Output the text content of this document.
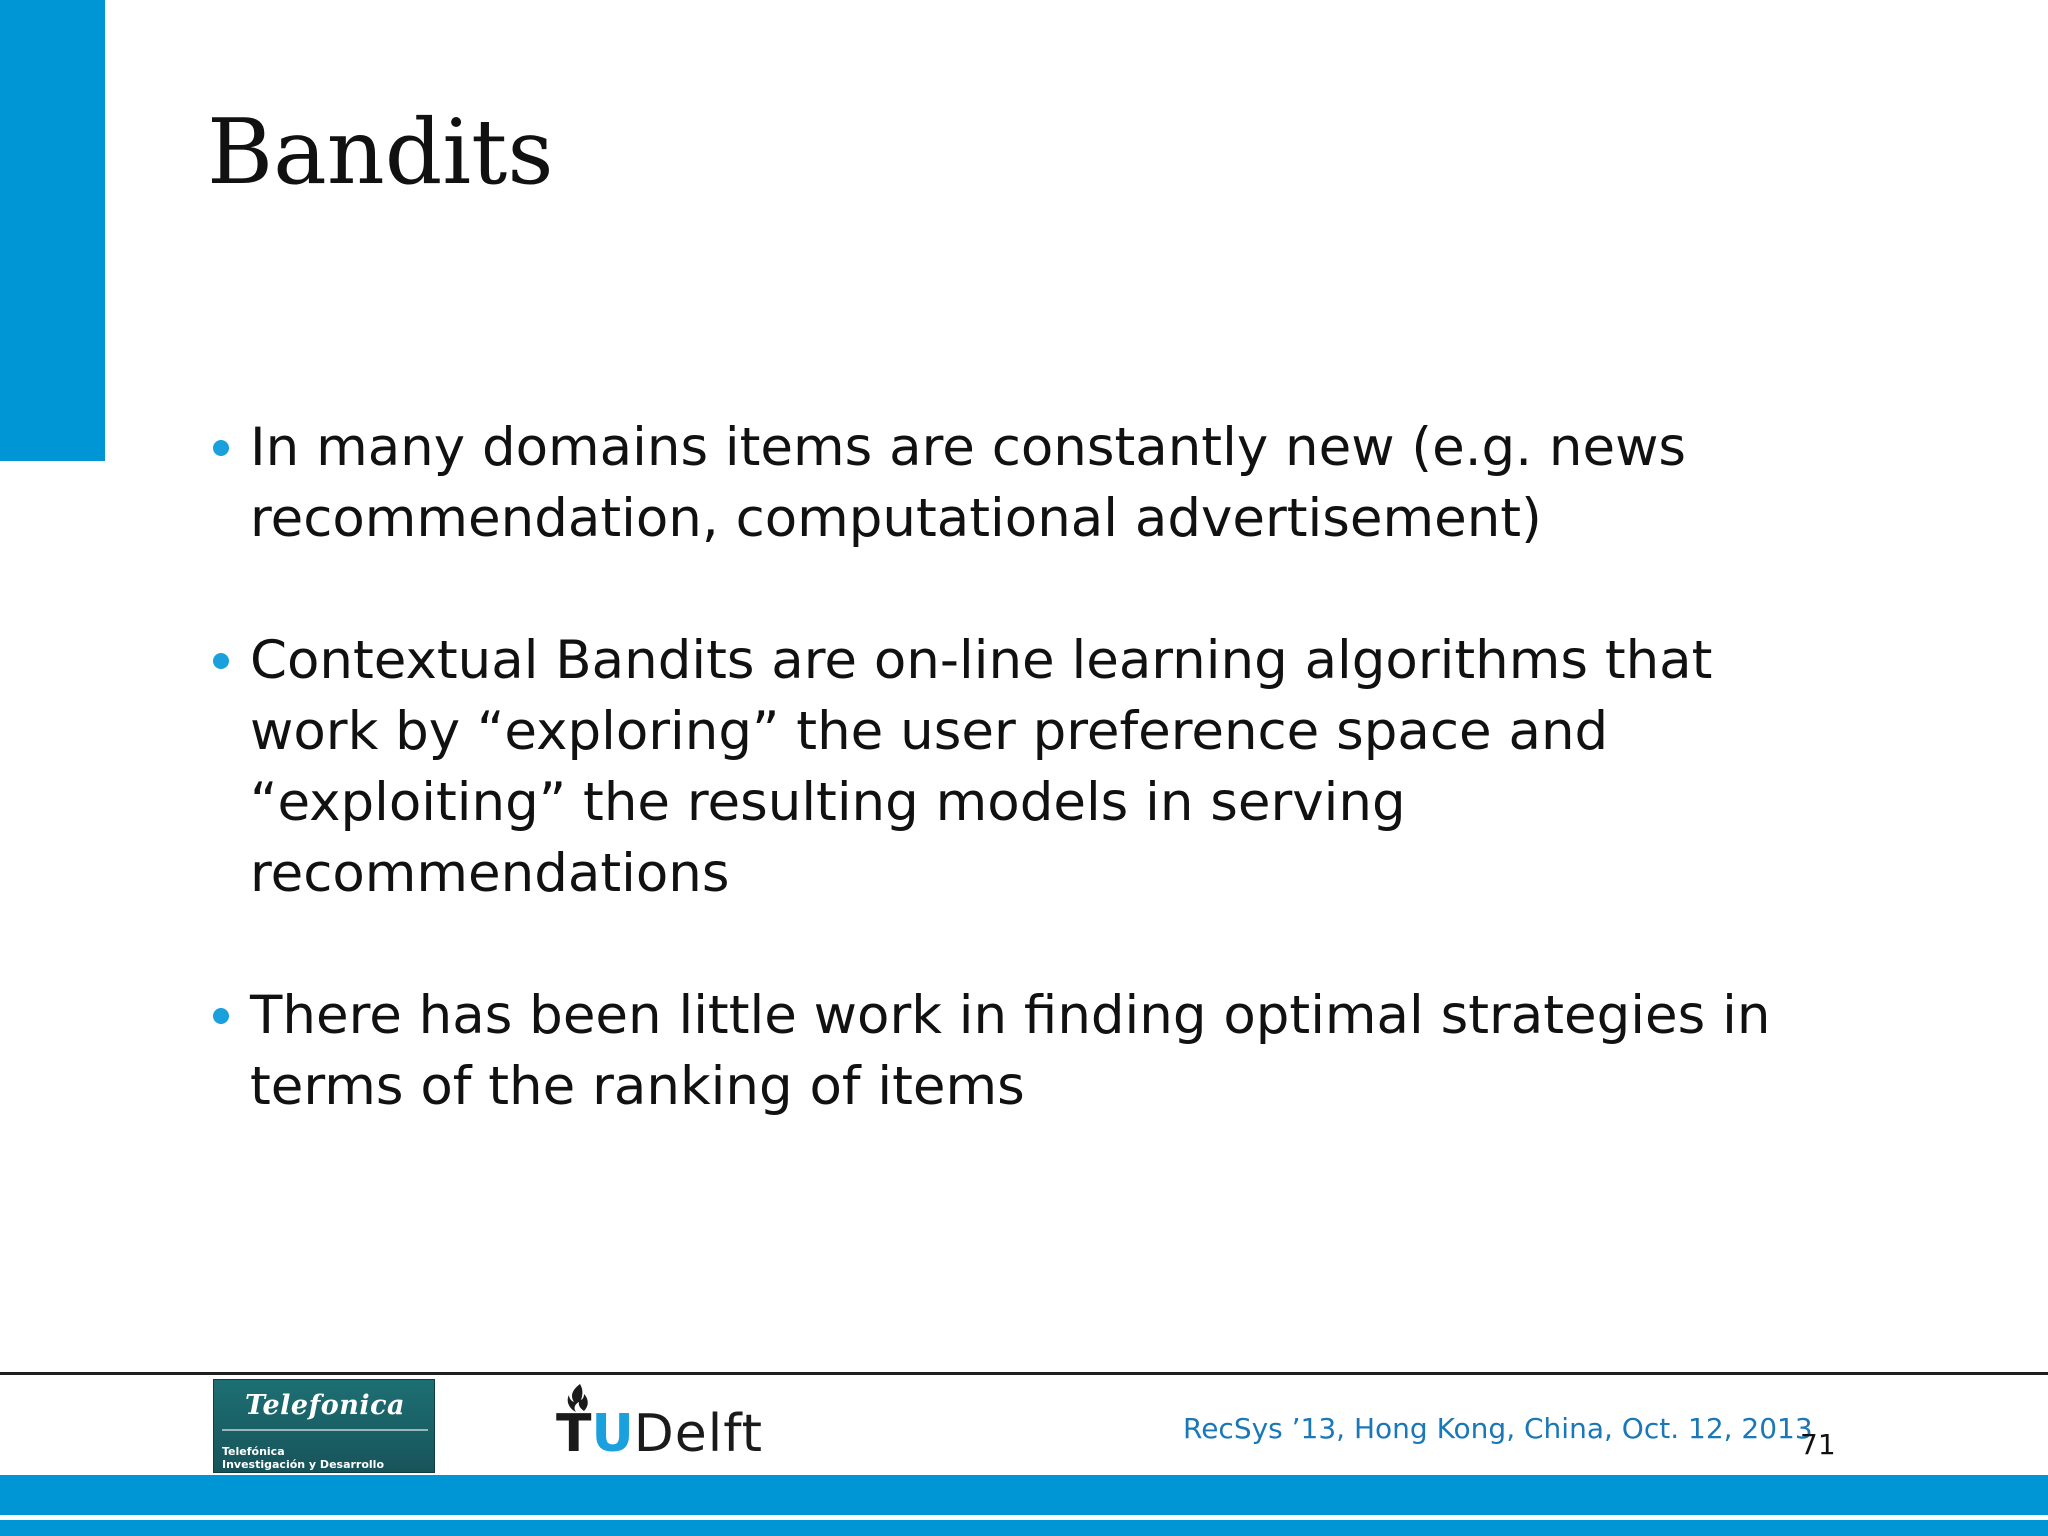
Bandits
In many domains items are constantly new (e.g. news recommendation, computational advertisement)
Contextual Bandits are on-line learning algorithms that work by “exploring” the user preference space and “exploiting” the resulting models in serving recommendations
There has been little work in finding optimal strategies in terms of the ranking of items
Telefonica
Telefónica
Investigación y Desarrollo
TUDelft	RecSys ’13, Hong Kong, China, Oct. 12, 2013
71
